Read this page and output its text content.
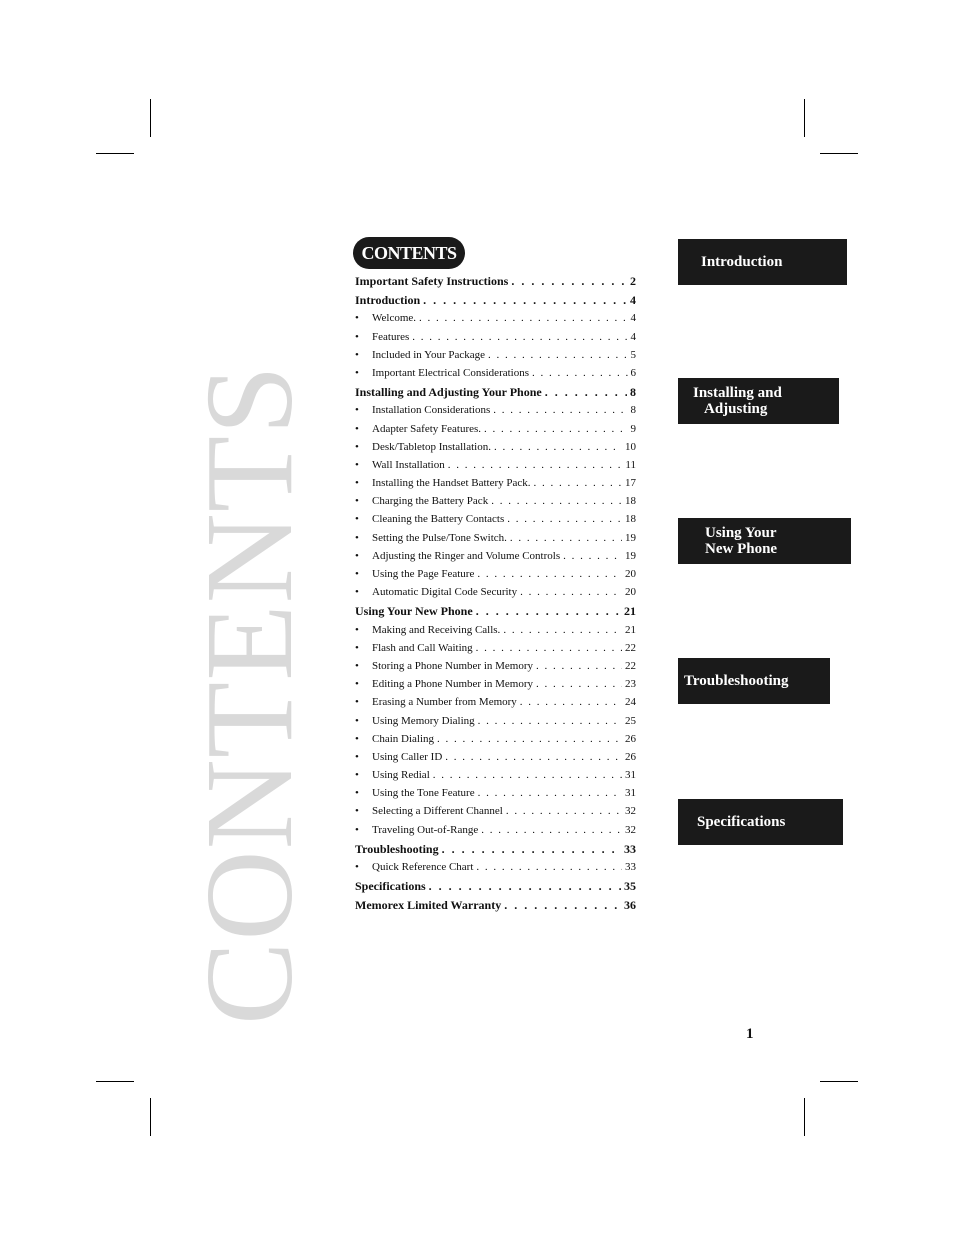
CONTENTS
CONTENTS
Important Safety Instructions . . .	2
Introduction . . .	4
•	Welcome. . . .	4
•	Features . . .	4
•	Included in Your Package . . .	5
•	Important Electrical Considerations . . .	6
Installing and Adjusting Your Phone . . .	8
•	Installation Considerations . . .	8
•	Adapter Safety Features. . . .	9
•	Desk/Tabletop Installation. . . .	10
•	Wall Installation . . .	11
•	Installing the Handset Battery Pack. . . .	17
•	Charging the Battery Pack . . .	18
•	Cleaning the Battery Contacts . . .	18
•	Setting the Pulse/Tone Switch. . . .	19
•	Adjusting the Ringer and Volume Controls . . .	19
•	Using the Page Feature . . .	20
•	Automatic Digital Code Security . . .	20
Using Your New Phone . . .	21
•	Making and Receiving Calls. . . .	21
•	Flash and Call Waiting . . .	22
•	Storing a Phone Number in Memory . . .	22
•	Editing a Phone Number in Memory . . .	23
•	Erasing a Number from Memory . . .	24
•	Using Memory Dialing . . .	25
•	Chain Dialing . . .	26
•	Using Caller ID . . .	26
•	Using Redial . . .	31
•	Using the Tone Feature . . .	31
•	Selecting a Different Channel . . .	32
•	Traveling Out-of-Range . . .	32
Troubleshooting . . .	33
•	Quick Reference Chart . . .	33
Specifications . . .	35
Memorex Limited Warranty . . .	36
Introduction
Installing and
Adjusting
Using Your
New Phone
Troubleshooting
Specifications
1
